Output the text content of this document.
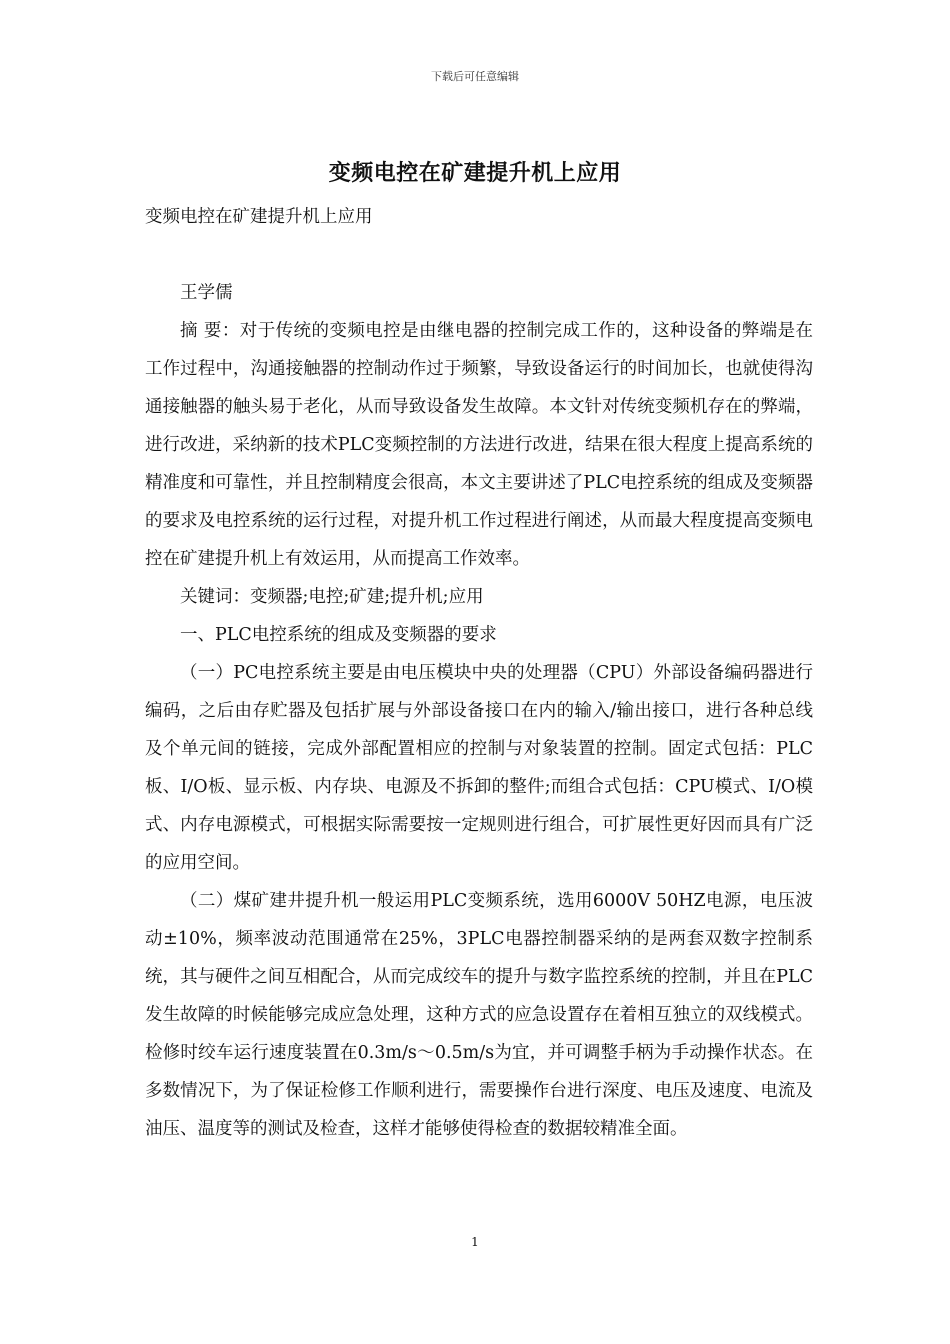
下载后可任意编辑
变频电控在矿建提升机上应用

变频电控在矿建提升机上应用

王学儒

摘 要：对于传统的变频电控是由继电器的控制完成工作的，这种设备的弊端是在工作过程中，沟通接触器的控制动作过于频繁，导致设备运行的时间加长，也就使得沟通接触器的触头易于老化，从而导致设备发生故障。本文针对传统变频机存在的弊端，进行改进，采纳新的技术PLC变频控制的方法进行改进，结果在很大程度上提高系统的精准度和可靠性，并且控制精度会很高，本文主要讲述了PLC电控系统的组成及变频器的要求及电控系统的运行过程，对提升机工作过程进行阐述，从而最大程度提高变频电控在矿建提升机上有效运用，从而提高工作效率。

关键词：变频器;电控;矿建;提升机;应用

一、PLC电控系统的组成及变频器的要求

（一）PC电控系统主要是由电压模块中央的处理器（CPU）外部设备编码器进行编码，之后由存贮器及包括扩展与外部设备接口在内的输入/输出接口，进行各种总线及个单元间的链接，完成外部配置相应的控制与对象装置的控制。固定式包括：PLC板、I/O板、显示板、内存块、电源及不拆卸的整件;而组合式包括：CPU模式、I/O模式、内存电源模式，可根据实际需要按一定规则进行组合，可扩展性更好因而具有广泛的应用空间。

（二）煤矿建井提升机一般运用PLC变频系统，选用6000V 50HZ电源，电压波动±10%，频率波动范围通常在25%，3PLC电器控制器采纳的是两套双数字控制系统，其与硬件之间互相配合，从而完成绞车的提升与数字监控系统的控制，并且在PLC发生故障的时候能够完成应急处理，这种方式的应急设置存在着相互独立的双线模式。检修时绞车运行速度装置在0.3m/s～0.5m/s为宜，并可调整手柄为手动操作状态。在多数情况下，为了保证检修工作顺利进行，需要操作台进行深度、电压及速度、电流及油压、温度等的测试及检查，这样才能够使得检查的数据较精准全面。

1
